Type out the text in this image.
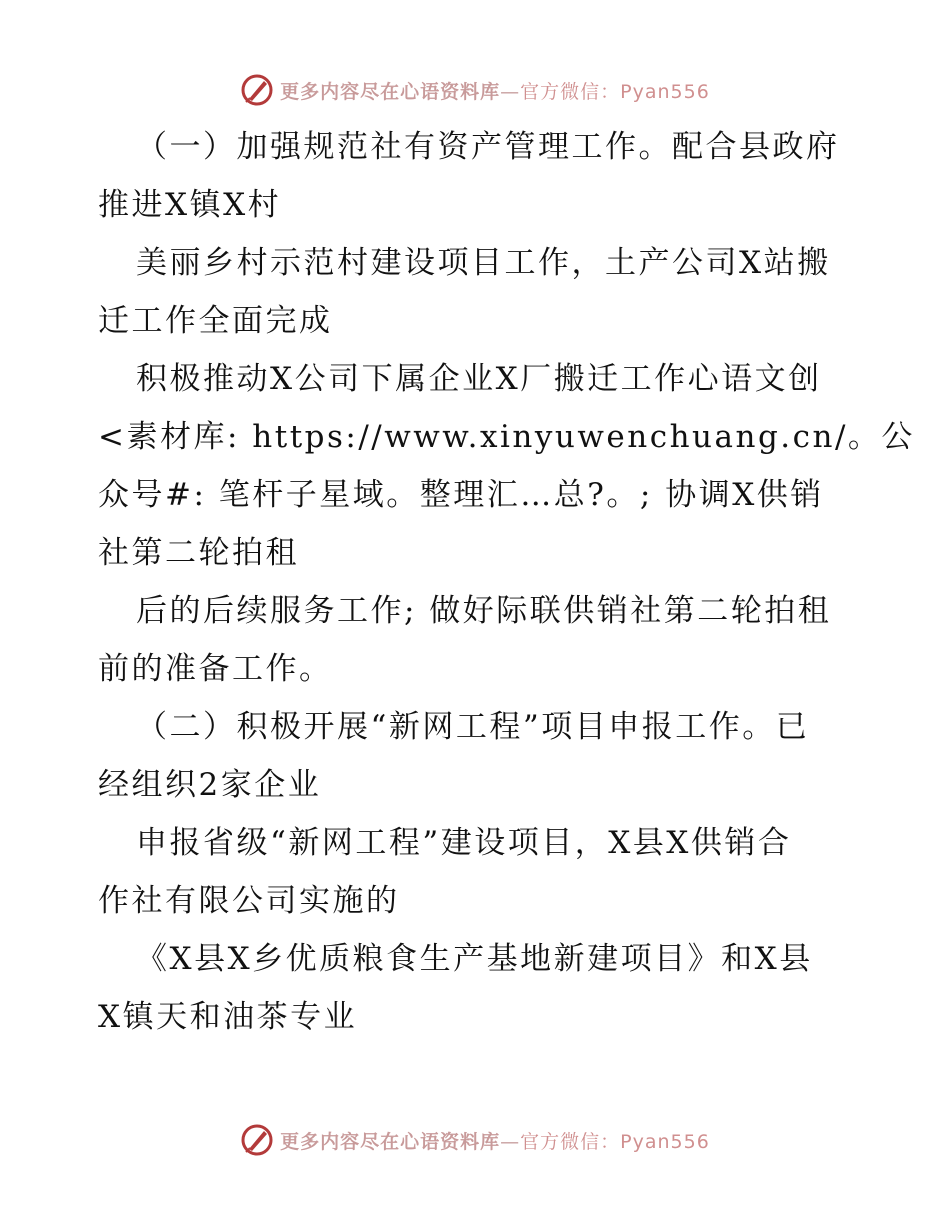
更多内容尽在心语资料库—官方微信：Pyan556
（一）加强规范社有资产管理工作。配合县政府
推进X镇X村
美丽乡村示范村建设项目工作，土产公司X站搬
迁工作全面完成
积极推动X公司下属企业X厂搬迁工作心语文创
<素材库: https://www.xinyuwenchuang.cn/。公
众号#: 笔杆子星域。整理汇…总?。; 协调X供销
社第二轮拍租
后的后续服务工作; 做好际联供销社第二轮拍租
前的准备工作。
（二）积极开展“新网工程”项目申报工作。已
经组织2家企业
申报省级“新网工程”建设项目，X县X供销合
作社有限公司实施的
《X县X乡优质粮食生产基地新建项目》和X县
X镇天和油茶专业
更多内容尽在心语资料库—官方微信：Pyan556
